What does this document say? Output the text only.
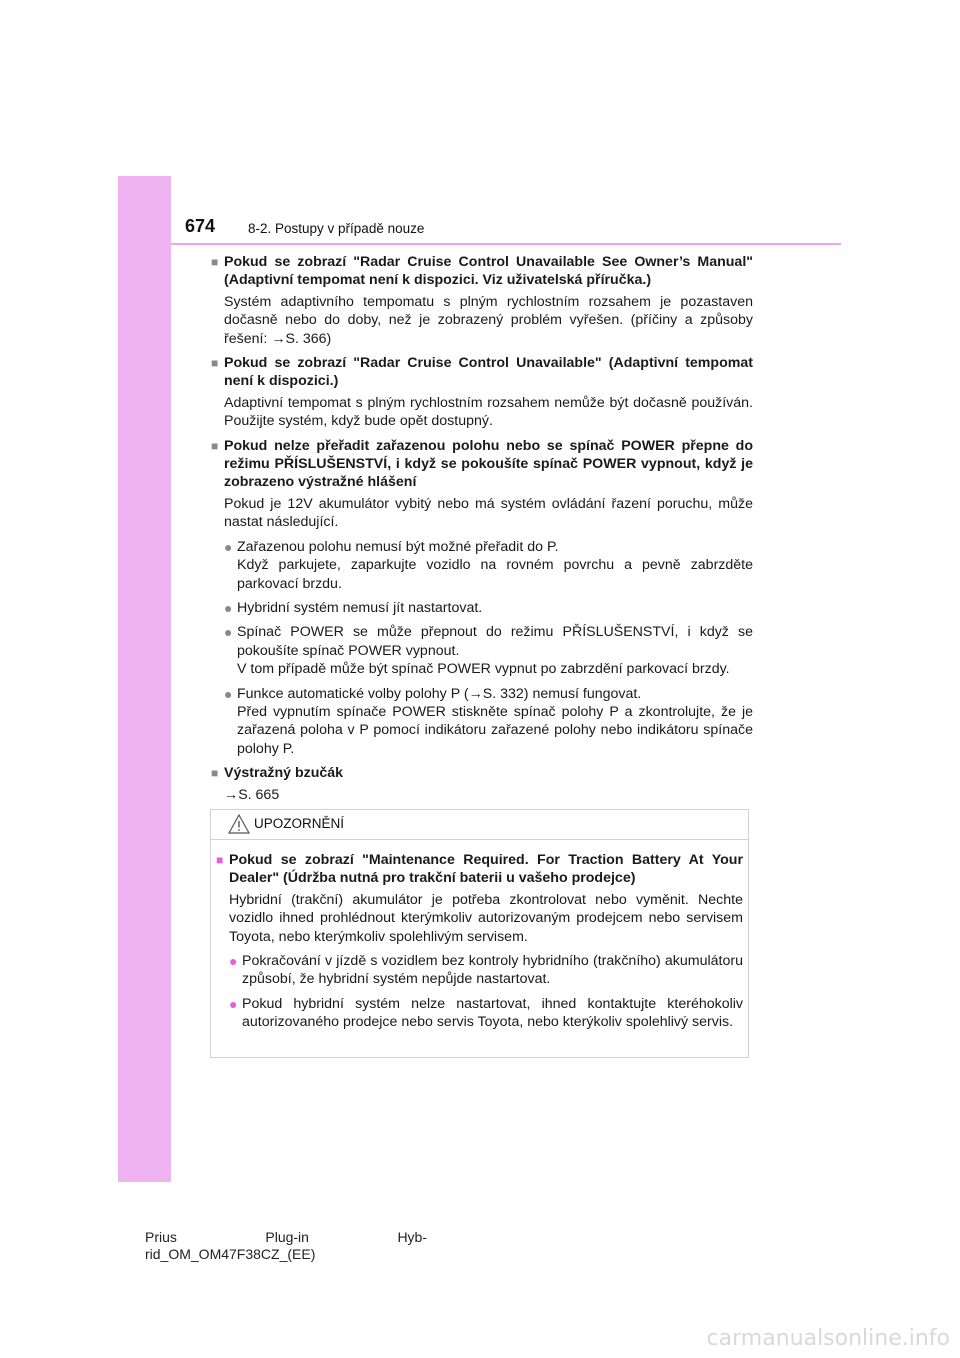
674 8-2. Postupy v případě nouze
■ Pokud se zobrazí "Radar Cruise Control Unavailable See Owner’s Manual" (Adaptivní tempomat není k dispozici. Viz uživatelská příručka.)
Systém adaptivního tempomatu s plným rychlostním rozsahem je pozastaven dočasně nebo do doby, než je zobrazený problém vyřešen. (příčiny a způsoby řešení: →S. 366)
■ Pokud se zobrazí "Radar Cruise Control Unavailable" (Adaptivní tempomat není k dispozici.)
Adaptivní tempomat s plným rychlostním rozsahem nemůže být dočasně používán. Použijte systém, když bude opět dostupný.
■ Pokud nelze přeřadit zařazenou polohu nebo se spínač POWER přepne do režimu PŘÍSLUŠENSTVÍ, i když se pokoušíte spínač POWER vypnout, když je zobrazeno výstražné hlášení
Pokud je 12V akumulátor vybitý nebo má systém ovládání řazení poruchu, může nastat následující.
● Zařazenou polohu nemusí být možné přeřadit do P.
Když parkujete, zaparkujte vozidlo na rovném povrchu a pevně zabrzděte parkovací brzdu.
● Hybridní systém nemusí jít nastartovat.
● Spínač POWER se může přepnout do režimu PŘÍSLUŠENSTVÍ, i když se pokoušíte spínač POWER vypnout.
V tom případě může být spínač POWER vypnut po zabrzdění parkovací brzdy.
● Funkce automatické volby polohy P (→S. 332) nemusí fungovat.
Před vypnutím spínače POWER stiskněte spínač polohy P a zkontrolujte, že je zařazená poloha v P pomocí indikátoru zařazené polohy nebo indikátoru spínače polohy P.
■ Výstražný bzučák
→S. 665
UPOZORNĚNÍ
■ Pokud se zobrazí "Maintenance Required. For Traction Battery At Your Dealer" (Údržba nutná pro trakční baterii u vašeho prodejce)
Hybridní (trakční) akumulátor je potřeba zkontrolovat nebo vyměnit. Nechte vozidlo ihned prohlédnout kterýmkoliv autorizovaným prodejcem nebo servisem Toyota, nebo kterýmkoliv spolehlivým servisem.
● Pokračování v jízdě s vozidlem bez kontroly hybridního (trakčního) akumulátoru způsobí, že hybridní systém nepůjde nastartovat.
● Pokud hybridní systém nelze nastartovat, ihned kontaktujte kteréhokoliv autorizovaného prodejce nebo servis Toyota, nebo kterýkoliv spolehlivý servis.
Prius	Plug-in	Hyb-
rid_OM_OM47F38CZ_(EE)
carmanualsonline.info
